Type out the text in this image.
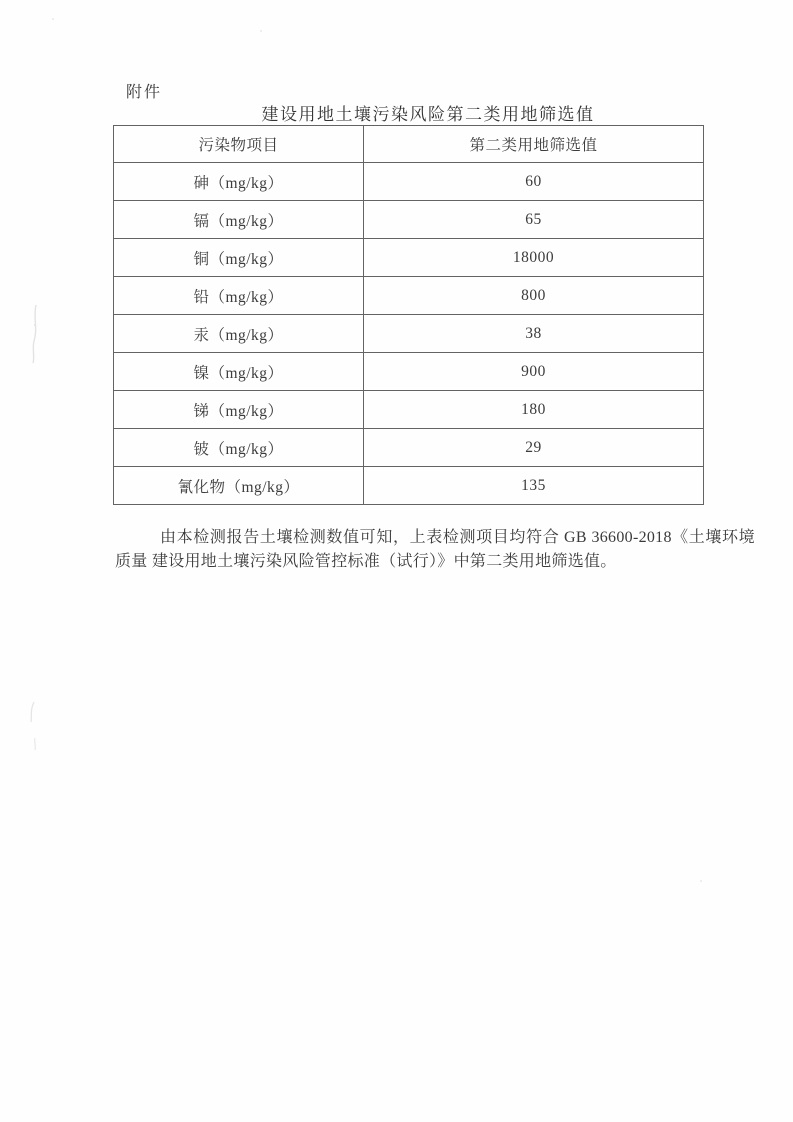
附件
建设用地土壤污染风险第二类用地筛选值
污染物项目	第二类用地筛选值
砷（mg/kg）	60
镉（mg/kg）	65
铜（mg/kg）	18000
铅（mg/kg）	800
汞（mg/kg）	38
镍（mg/kg）	900
锑（mg/kg）	180
铍（mg/kg）	29
氰化物（mg/kg）	135

由本检测报告土壤检测数值可知，上表检测项目均符合 GB 36600-2018《土壤环境质量 建设用地土壤污染风险管控标准（试行）》中第二类用地筛选值。
